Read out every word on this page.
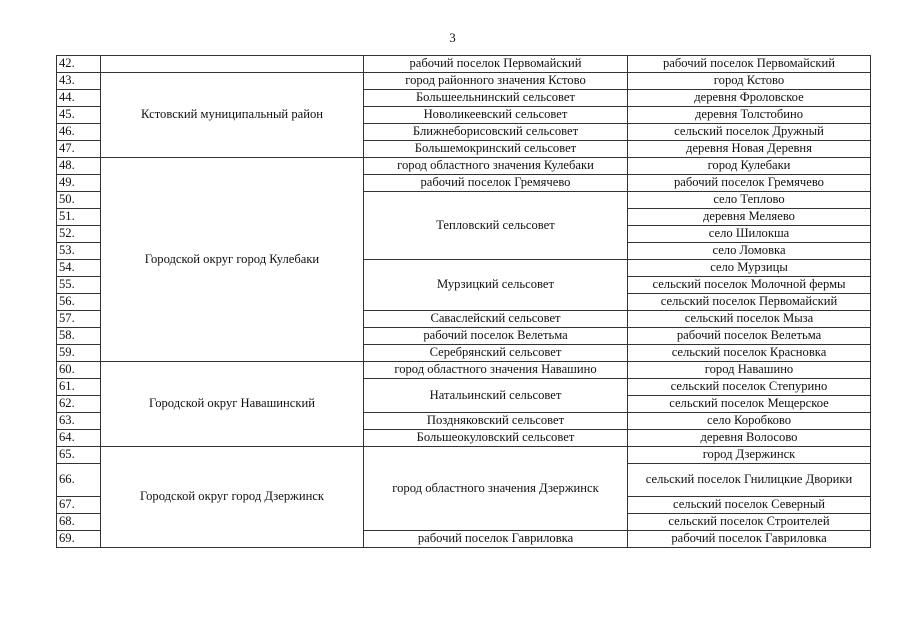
3
42.		рабочий поселок Первомайский	рабочий поселок Первомайский
43.	Кстовский муниципальный район	город районного значения Кстово	город Кстово
44.		Большеельнинский сельсовет	деревня Фроловское
45.		Новоликеевский сельсовет	деревня Толстобино
46.		Ближнеборисовский сельсовет	сельский поселок Дружный
47.		Большемокринский сельсовет	деревня Новая Деревня
48.	Городской округ город Кулебаки	город областного значения Кулебаки	город Кулебаки
49.		рабочий поселок Гремячево	рабочий поселок Гремячево
50.		Тепловский сельсовет	село Теплово
51.			деревня Меляево
52.			село Шилокша
53.			село Ломовка
54.		Мурзицкий сельсовет	село Мурзицы
55.			сельский поселок Молочной фермы
56.			сельский поселок Первомайский
57.		Саваслейский сельсовет	сельский поселок Мыза
58.		рабочий поселок Велетьма	рабочий поселок Велетьма
59.		Серебрянский сельсовет	сельский поселок Красновка
60.	Городской округ Навашинский	город областного значения Навашино	город Навашино
61.		Натальинский сельсовет	сельский поселок Степурино
62.			сельский поселок Мещерское
63.		Поздняковский сельсовет	село Коробково
64.		Большеокуловский сельсовет	деревня Волосово
65.	Городской округ город Дзержинск	город областного значения Дзержинск	город Дзержинск
66.			сельский поселок Гнилицкие Дворики
67.			сельский поселок Северный
68.			сельский поселок Строителей
69.		рабочий поселок Гавриловка	рабочий поселок Гавриловка
